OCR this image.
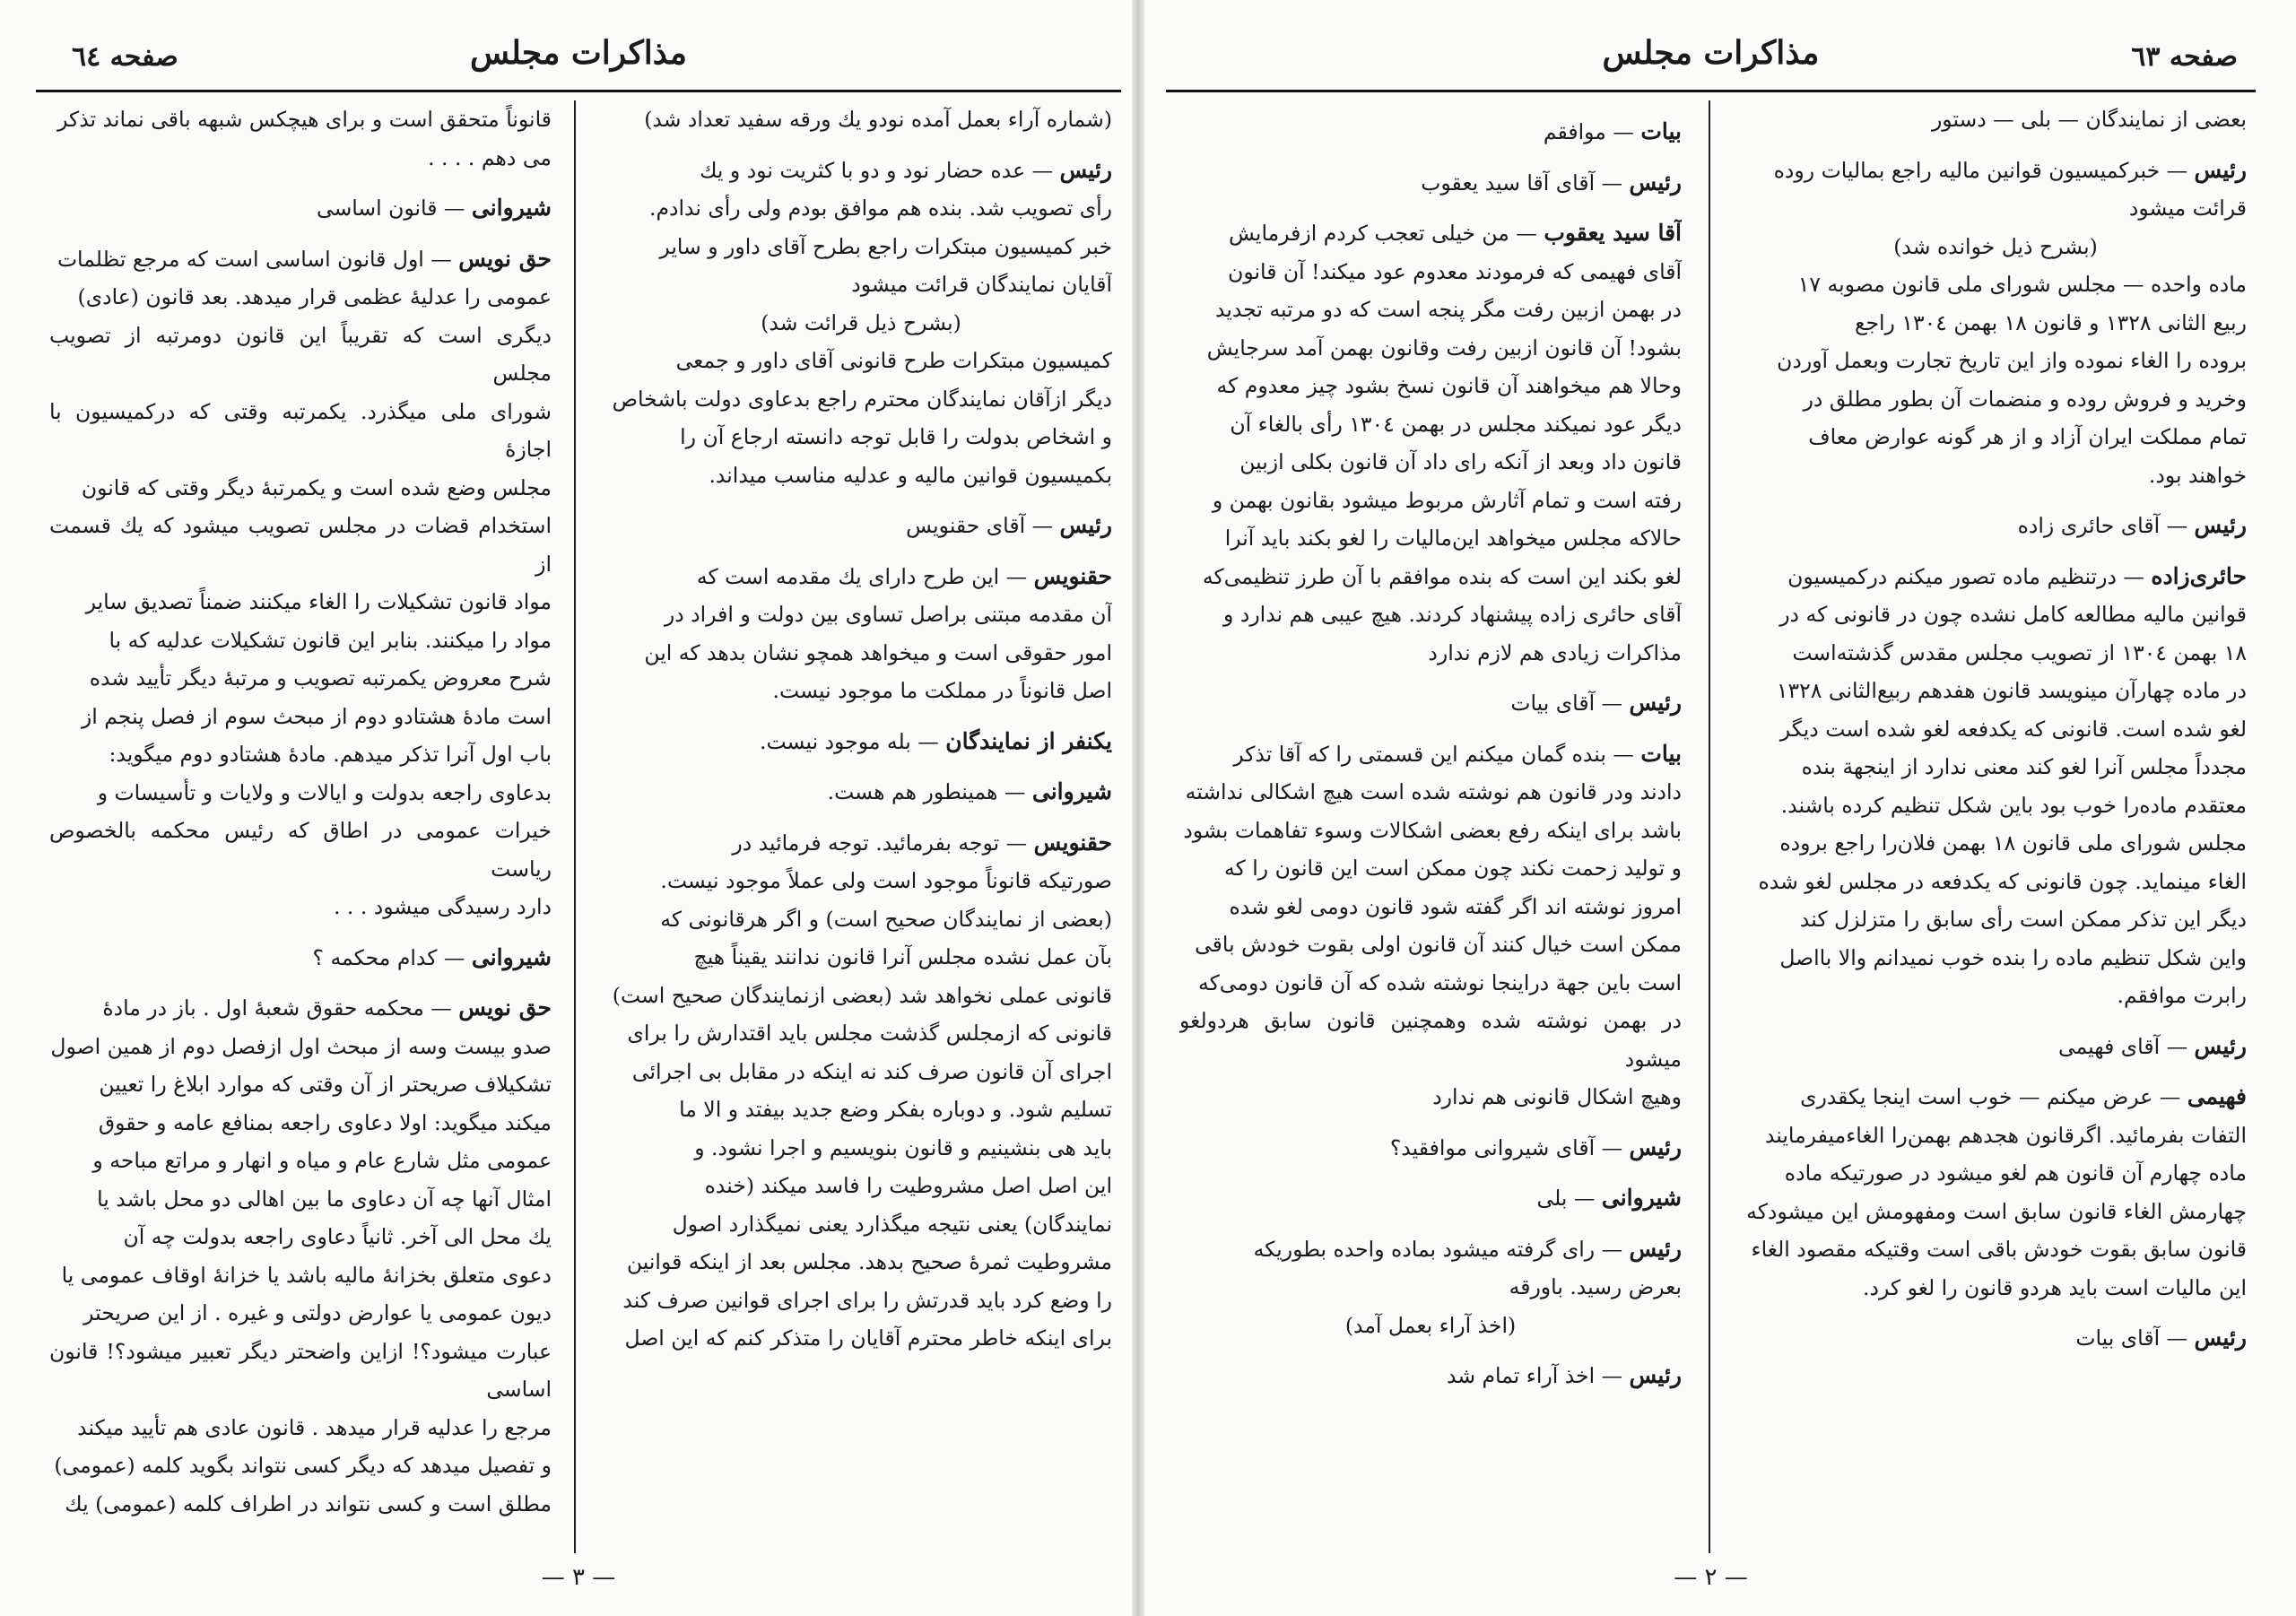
صفحه ٦٤	مذاکرات مجلس

(شماره آراء بعمل آمده نودو یك ورقه سفید تعداد شد)

رئیس — عده حضار نود و دو با کثریت نود و یك

رأی تصویب شد. بنده هم موافق بودم ولی رأی ندادم.

خبر کمیسیون مبتکرات راجع بطرح آقای داور و سایر

آقایان نمایندگان قرائت میشود

(بشرح ذیل قرائت شد)

کمیسیون مبتکرات طرح قانونی آقای داور و جمعی

دیگر ازآقان نمایندگان محترم راجع بدعاوی دولت باشخاص

و اشخاص بدولت را قابل توجه دانسته ارجاع آن را

بکمیسیون قوانین مالیه و عدلیه مناسب میداند.

رئیس — آقای حقنویس

حقنویس — این طرح دارای یك مقدمه است که

آن مقدمه مبتنی براصل تساوی بین دولت و افراد در

امور حقوقی است و میخواهد همچو نشان بدهد که این

اصل قانوناً در مملکت ما موجود نیست.

یکنفر از نمایندگان — بله موجود نیست.

شیروانی — همینطور هم هست.

حقنویس — توجه بفرمائید. توجه فرمائید در

صورتیکه قانوناً موجود است ولی عملاً موجود نیست.

(بعضی از نمایندگان صحیح است) و اگر هرقانونی که

بآن عمل نشده مجلس آنرا قانون ندانند یقیناً هیچ

قانونی عملی نخواهد شد (بعضی ازنمایندگان صحیح است)

قانونی که ازمجلس گذشت مجلس باید اقتدارش را برای

اجرای آن قانون صرف کند نه اینکه در مقابل بی اجرائی

تسلیم شود. و دوباره بفکر وضع جدید بیفتد و الا ما

باید هی بنشینیم و قانون بنویسیم و اجرا نشود. و

این اصل اصل مشروطیت را فاسد میکند (خنده

نمایندگان) یعنی نتیجه میگذارد یعنی نمیگذارد اصول

مشروطیت ثمرهٔ صحیح بدهد. مجلس بعد از اینکه قوانین

را وضع کرد باید قدرتش را برای اجرای قوانین صرف کند

برای اینکه خاطر محترم آقایان را متذکر کنم که این اصل

قانوناً متحقق است و برای هیچکس شبهه باقی نماند تذکر

می دهم . . . .

شیروانی — قانون اساسی

حق نویس — اول قانون اساسی است که مرجع تظلمات

عمومی را عدلیهٔ عظمی قرار میدهد. بعد قانون (عادی)

دیگری است که تقریباً این قانون دومرتبه از تصویب مجلس

شورای ملی میگذرد. یکمرتبه وقتی که درکمیسیون با اجازهٔ

مجلس وضع شده است و یکمرتبهٔ دیگر وقتی که قانون

استخدام قضات در مجلس تصویب میشود که یك قسمت از

مواد قانون تشکیلات را الغاء میکنند ضمناً تصدیق سایر

مواد را میکنند. بنابر این قانون تشکیلات عدلیه که با

شرح معروض یکمرتبه تصویب و مرتبهٔ دیگر تأیید شده

است مادهٔ هشتادو دوم از مبحث سوم از فصل پنجم از

باب اول آنرا تذکر میدهم. مادهٔ هشتادو دوم میگوید:

بدعاوی راجعه بدولت و ایالات و ولایات و تأسیسات و

خیرات عمومی در اطاق که رئیس محکمه بالخصوص ریاست

دارد رسیدگی میشود . . .

شیروانی — کدام محکمه ؟

حق نویس — محکمه حقوق شعبهٔ اول . باز در مادهٔ

صدو بیست وسه از مبحث اول ازفصل دوم از همین اصول

تشکیلاف صریحتر از آن وقتی که موارد ابلاغ را تعیین

میکند میگوید: اولا دعاوی راجعه بمنافع عامه و حقوق

عمومی مثل شارع عام و میاه و انهار و مراتع مباحه و

امثال آنها چه آن دعاوی ما بین اهالی دو محل باشد یا

یك محل الی آخر. ثانیاً دعاوی راجعه بدولت چه آن

دعوی متعلق بخزانهٔ مالیه باشد یا خزانهٔ اوقاف عمومی یا

دیون عمومی یا عوارض دولتی و غیره . از این صریحتر

عبارت میشود؟! ازاین واضحتر دیگر تعبیر میشود؟! قانون اساسی

مرجع را عدلیه قرار میدهد . قانون عادی هم تأیید میکند

و تفصیل میدهد که دیگر کسی نتواند بگوید کلمه (عمومی)

مطلق است و کسی نتواند در اطراف کلمه (عمومی) یك

— ٣ —
صفحه ٦٣
مذاکرات مجلس

بعضی از نمایندگان — بلی — دستور

رئیس — خبرکمیسیون قوانین مالیه راجع بمالیات روده

قرائت میشود

(بشرح ذیل خوانده شد)

ماده واحده — مجلس شورای ملی قانون مصوبه ١٧

ربیع الثانی ١٣٢٨ و قانون ١٨ بهمن ١٣٠٤ راجع

بروده را الغاء نموده واز این تاریخ تجارت وبعمل آوردن

وخرید و فروش روده و منضمات آن بطور مطلق در

تمام مملکت ایران آزاد و از هر گونه عوارض معاف

خواهند بود.

رئیس — آقای حائری زاده

حائری‌زاده — درتنظیم ماده تصور میکنم درکمیسیون

قوانین مالیه مطالعه کامل نشده چون در قانونی که در

١٨ بهمن ١٣٠٤ از تصویب مجلس مقدس گذشته‌است

در ماده چهارآن مینویسد قانون هفدهم ربیع‌الثانی ١٣٢٨

لغو شده است. قانونی که یکدفعه لغو شده است دیگر

مجدداً مجلس آنرا لغو کند معنی ندارد از اینجهة بنده

معتقدم ماده‌را خوب بود باین شکل تنظیم کرده باشند.

مجلس شورای ملی قانون ١٨ بهمن فلان‌را راجع بروده

الغاء مینماید. چون قانونی که یکدفعه در مجلس لغو شده

دیگر این تذکر ممکن است رأی سابق را متزلزل کند

واین شکل تنظیم ماده را بنده خوب نمیدانم والا بااصل

رابرت موافقم.

رئیس — آقای فهیمی

فهیمی — عرض میکنم — خوب است اینجا یکقدری

التفات بفرمائید. اگرقانون هجدهم بهمن‌را الغاء‌میفرمایند

ماده چهارم آن قانون هم لغو میشود در صورتیکه ماده

چهارمش الغاء قانون سابق است ومفهومش این میشودکه

قانون سابق بقوت خودش باقی است وقتیکه مقصود الغاء

این مالیات است باید هردو قانون را لغو کرد.

رئیس — آقای بیات

بیات — موافقم

رئیس — آقای آقا سید یعقوب

آقا سید یعقوب — من خیلی تعجب کردم ازفرمایش

آقای فهیمی که فرمودند معدوم عود میکند! آن قانون

در بهمن ازبین رفت مگر پنجه است که دو مرتبه تجدید

بشود! آن قانون ازبین رفت وقانون بهمن آمد سرجایش

وحالا هم میخواهند آن قانون نسخ بشود چیز معدوم که

دیگر عود نمیکند مجلس در بهمن ١٣٠٤ رأی بالغاء آن

قانون داد وبعد از آنکه رای داد آن قانون بکلی ازبین

رفته است و تمام آثارش مربوط میشود بقانون بهمن و

حالاکه مجلس میخواهد این‌مالیات را لغو بکند باید آنرا

لغو بکند این است که بنده موافقم با آن طرز تنظیمی‌که

آقای حائری زاده پیشنهاد کردند. هیچ عیبی هم ندارد و

مذاکرات زیادی هم لازم ندارد

رئیس — آقای بیات

بیات — بنده گمان میکنم این قسمتی را که آقا تذکر

دادند ودر قانون هم نوشته شده است هیچ اشکالی نداشته

باشد برای اینکه رفع بعضی اشکالات وسوء تفاهمات بشود

و تولید زحمت نکند چون ممکن است این قانون را که

امروز نوشته اند اگر گفته شود قانون دومی لغو شده

ممکن است خیال کنند آن قانون اولی بقوت خودش باقی

است باین جهة دراینجا نوشته شده که آن قانون دومی‌که

در بهمن نوشته شده وهمچنین قانون سابق هردولغو میشود

وهیچ اشکال قانونی هم ندارد

رئیس — آقای شیروانی موافقید؟

شیروانی — بلی

رئیس — رای گرفته میشود بماده واحده بطوریکه

بعرض رسید. باورقه

(اخذ آراء بعمل آمد)

رئیس — اخذ آراء تمام شد

— ٢ —
